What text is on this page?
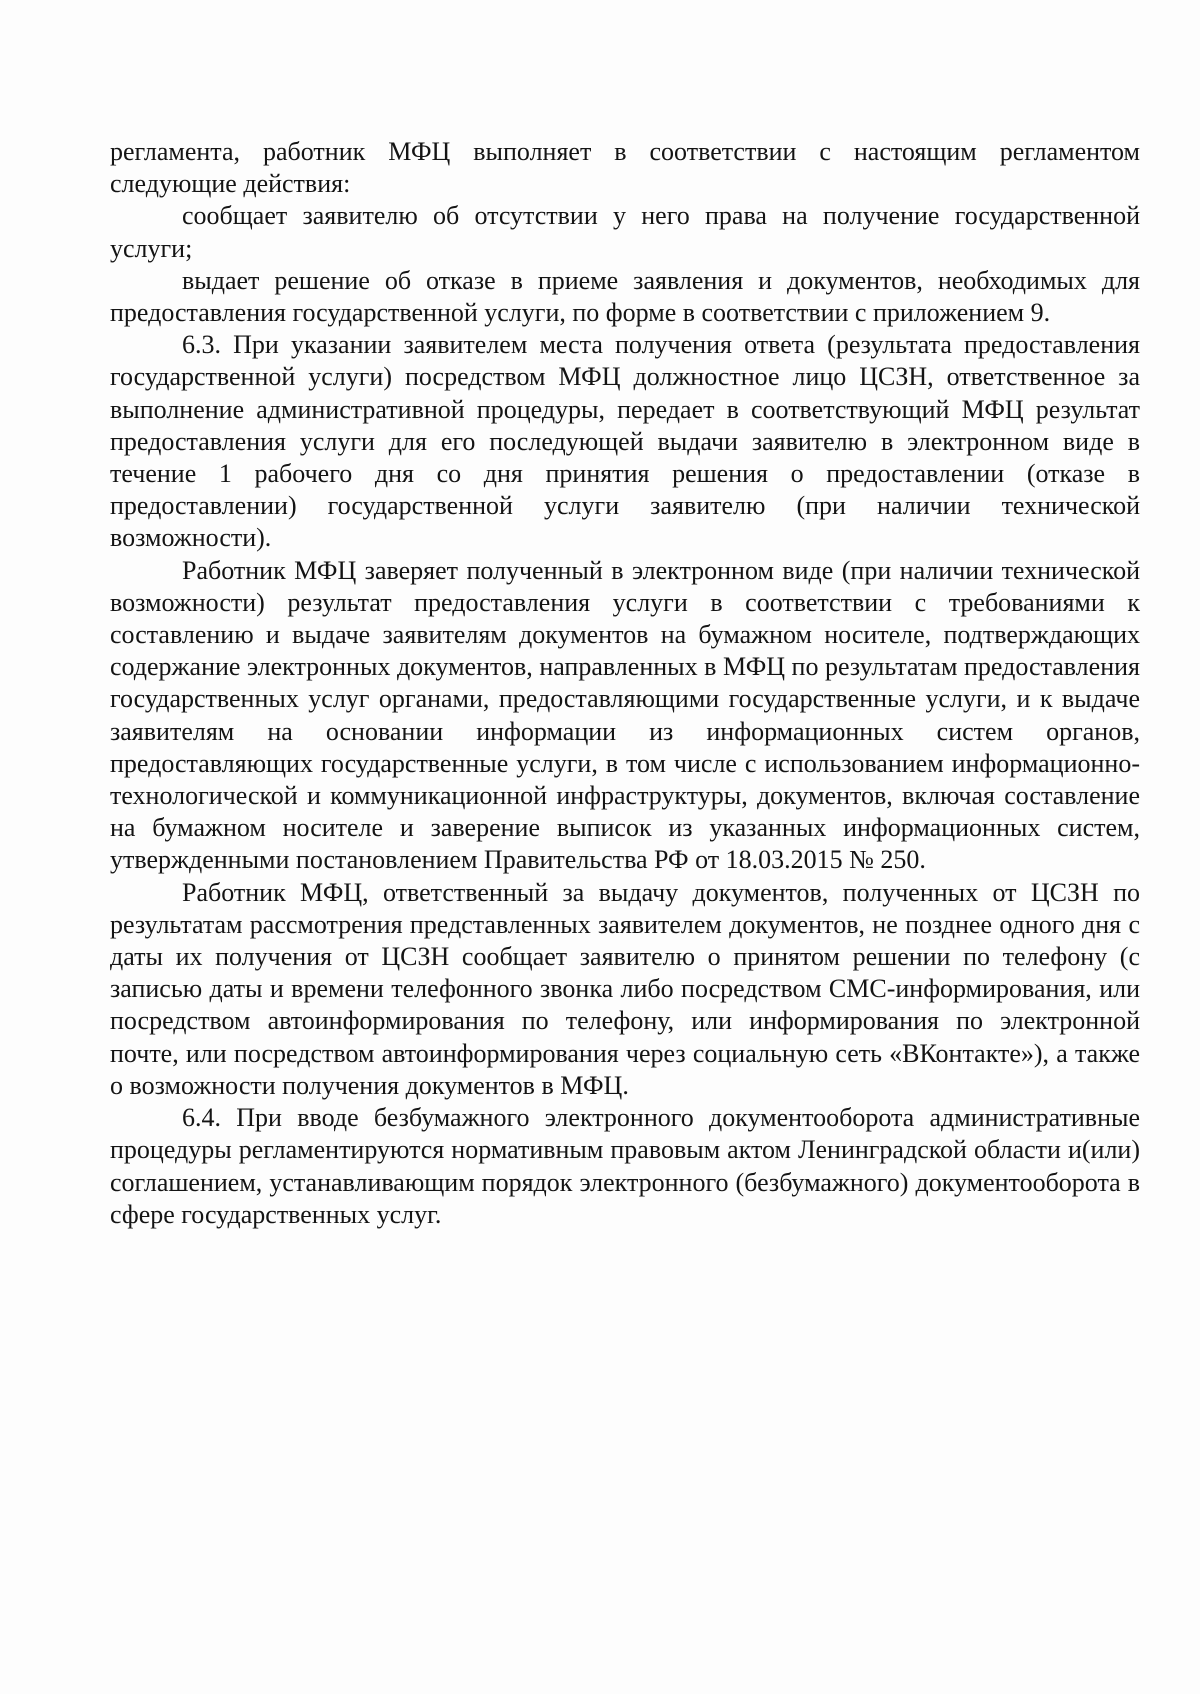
регламента, работник МФЦ выполняет в соответствии с настоящим регламентом следующие действия:

сообщает заявителю об отсутствии у него права на получение государственной услуги;

выдает решение об отказе в приеме заявления и документов, необходимых для предоставления государственной услуги, по форме в соответствии с приложением 9.

6.3. При указании заявителем места получения ответа (результата предоставления государственной услуги) посредством МФЦ должностное лицо ЦСЗН, ответственное за выполнение административной процедуры, передает в соответствующий МФЦ результат предоставления услуги для его последующей выдачи заявителю в электронном виде в течение 1 рабочего дня со дня принятия решения о предоставлении (отказе в предоставлении) государственной услуги заявителю (при наличии технической возможности).

Работник МФЦ заверяет полученный в электронном виде (при наличии технической возможности) результат предоставления услуги в соответствии с требованиями к составлению и выдаче заявителям документов на бумажном носителе, подтверждающих содержание электронных документов, направленных в МФЦ по результатам предоставления государственных услуг органами, предоставляющими государственные услуги, и к выдаче заявителям на основании информации из информационных систем органов, предоставляющих государственные услуги, в том числе с использованием информационно-технологической и коммуникационной инфраструктуры, документов, включая составление на бумажном носителе и заверение выписок из указанных информационных систем, утвержденными постановлением Правительства РФ от 18.03.2015 № 250.

Работник МФЦ, ответственный за выдачу документов, полученных от ЦСЗН по результатам рассмотрения представленных заявителем документов, не позднее одного дня с даты их получения от ЦСЗН сообщает заявителю о принятом решении по телефону (с записью даты и времени телефонного звонка либо посредством СМС-информирования, или посредством автоинформирования по телефону, или информирования по электронной почте, или посредством автоинформирования через социальную сеть «ВКонтакте»), а также о возможности получения документов в МФЦ.

6.4. При вводе безбумажного электронного документооборота административные процедуры регламентируются нормативным правовым актом Ленинградской области и(или) соглашением, устанавливающим порядок электронного (безбумажного) документооборота в сфере государственных услуг.
